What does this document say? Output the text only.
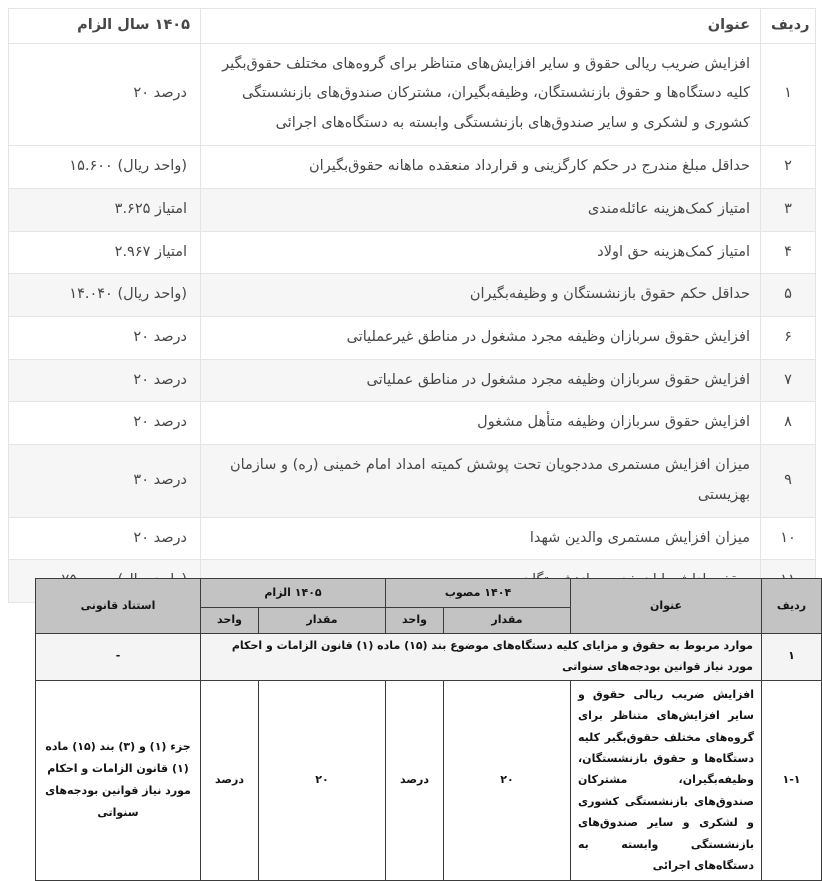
الزام سال ۱۴۰۵	عنوان	ردیف
۲۰ درصد	افزایش ضریب ریالی حقوق و سایر افزایش‌های متناظر برای گروه‌های مختلف حقوق‌بگیر کلیه دستگاه‌ها و حقوق بازنشستگان، وظیفه‌بگیران، مشترکان صندوق‌های بازنشستگی کشوری و لشکری و سایر صندوق‌های بازنشستگی وابسته به دستگاه‌های اجرائی	۱
۱۵.۶۰۰ (واحد ریال)	حداقل مبلغ مندرج در حکم کارگزینی و قرارداد منعقده ماهانه حقوق‌بگیران	۲
۳.۶۲۵ امتیاز	امتیاز کمک‌هزینه عائله‌مندی	۳
۲.۹۶۷ امتیاز	امتیاز کمک‌هزینه حق اولاد	۴
۱۴.۰۴۰ (واحد ریال)	حداقل حکم حقوق بازنشستگان و وظیفه‌بگیران	۵
۲۰ درصد	افزایش حقوق سربازان وظیفه مجرد مشغول در مناطق غیرعملیاتی	۶
۲۰ درصد	افزایش حقوق سربازان وظیفه مجرد مشغول در مناطق عملیاتی	۷
۲۰ درصد	افزایش حقوق سربازان وظیفه متأهل مشغول	۸
۳۰ درصد	میزان افزایش مستمری مددجویان تحت پوشش کمیته امداد امام خمینی (ره) و سازمان بهزیستی	۹
۲۰ درصد	میزان افزایش مستمری والدین شهدا	۱۰

استناد قانونی	الزام ۱۴۰۵		مصوب ۱۴۰۴		عنوان	ردیف
	واحد	مقدار	واحد	مقدار		
-	موارد مربوط به حقوق و مزایای کلیه دستگاه‌های موضوع بند (۱۵) ماده (۱) قانون الزامات و احکام مورد نیاز قوانین بودجه‌های سنواتی					۱
جزء (۱) و (۳) بند (۱۵) ماده (۱) قانون الزامات و احکام مورد نیاز قوانین بودجه‌های سنواتی	درصد	۲۰	درصد	۲۰	افزایش ضریب ریالی حقوق و سایر افزایش‌های متناظر برای گروه‌های مختلف حقوق‌بگیر کلیه دستگاه‌ها و حقوق بازنشستگان، وظیفه‌بگیران، مشترکان صندوق‌های بازنشستگی کشوری و لشکری و سایر صندوق‌های بازنشستگی وابسته به دستگاه‌های اجرائی	۱-۱
